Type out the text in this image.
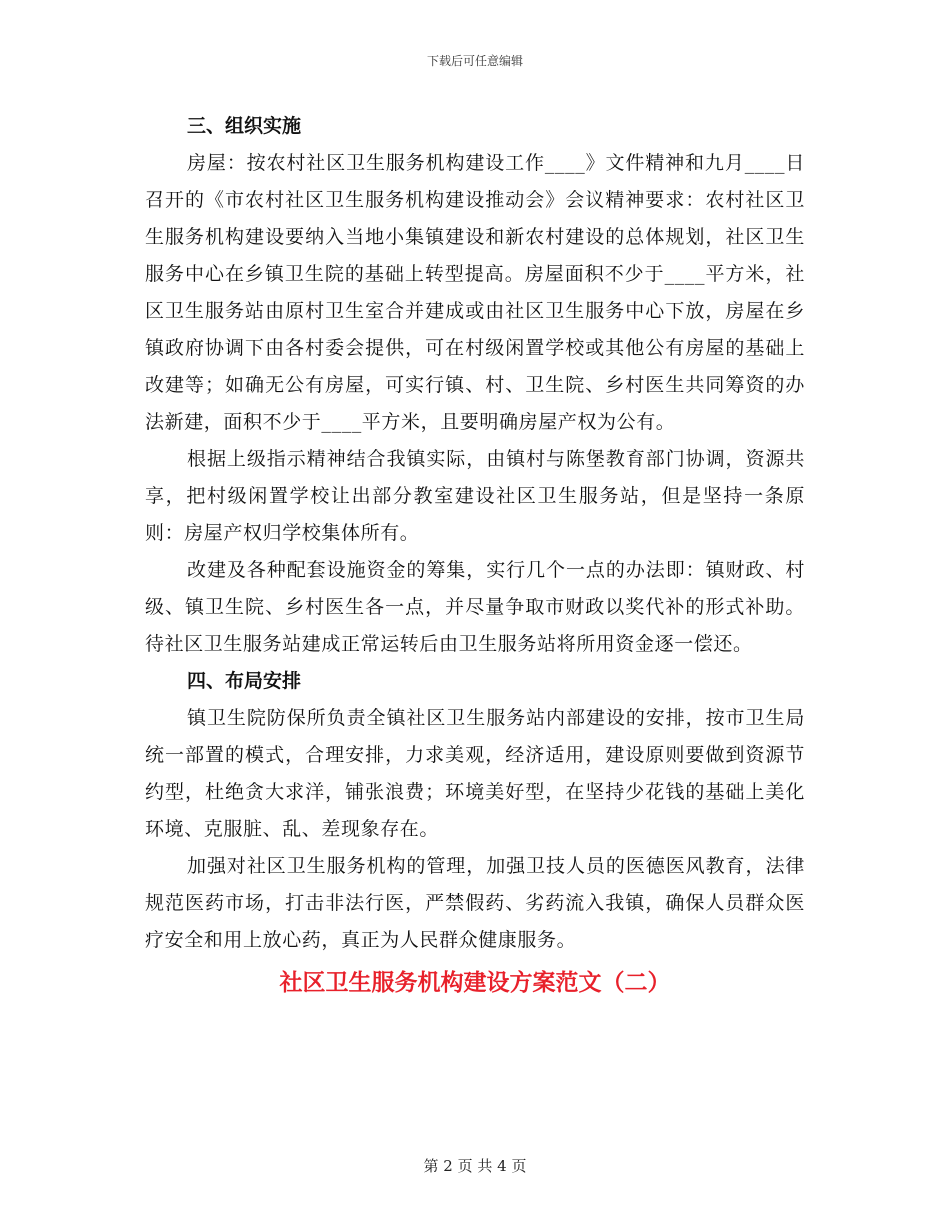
下载后可任意编辑

三、组织实施

房屋：按农村社区卫生服务机构建设工作____》文件精神和九月____日召开的《市农村社区卫生服务机构建设推动会》会议精神要求：农村社区卫生服务机构建设要纳入当地小集镇建设和新农村建设的总体规划，社区卫生服务中心在乡镇卫生院的基础上转型提高。房屋面积不少于____平方米，社区卫生服务站由原村卫生室合并建成或由社区卫生服务中心下放，房屋在乡镇政府协调下由各村委会提供，可在村级闲置学校或其他公有房屋的基础上改建等；如确无公有房屋，可实行镇、村、卫生院、乡村医生共同筹资的办法新建，面积不少于____平方米，且要明确房屋产权为公有。

根据上级指示精神结合我镇实际，由镇村与陈堡教育部门协调，资源共享，把村级闲置学校让出部分教室建设社区卫生服务站，但是坚持一条原则：房屋产权归学校集体所有。

改建及各种配套设施资金的筹集，实行几个一点的办法即：镇财政、村级、镇卫生院、乡村医生各一点，并尽量争取市财政以奖代补的形式补助。待社区卫生服务站建成正常运转后由卫生服务站将所用资金逐一偿还。

四、布局安排

镇卫生院防保所负责全镇社区卫生服务站内部建设的安排，按市卫生局统一部置的模式，合理安排，力求美观，经济适用，建设原则要做到资源节约型，杜绝贪大求洋，铺张浪费；环境美好型，在坚持少花钱的基础上美化环境、克服脏、乱、差现象存在。

加强对社区卫生服务机构的管理，加强卫技人员的医德医风教育，法律规范医药市场，打击非法行医，严禁假药、劣药流入我镇，确保人员群众医疗安全和用上放心药，真正为人民群众健康服务。

社区卫生服务机构建设方案范文（二）

第 2 页 共 4 页
